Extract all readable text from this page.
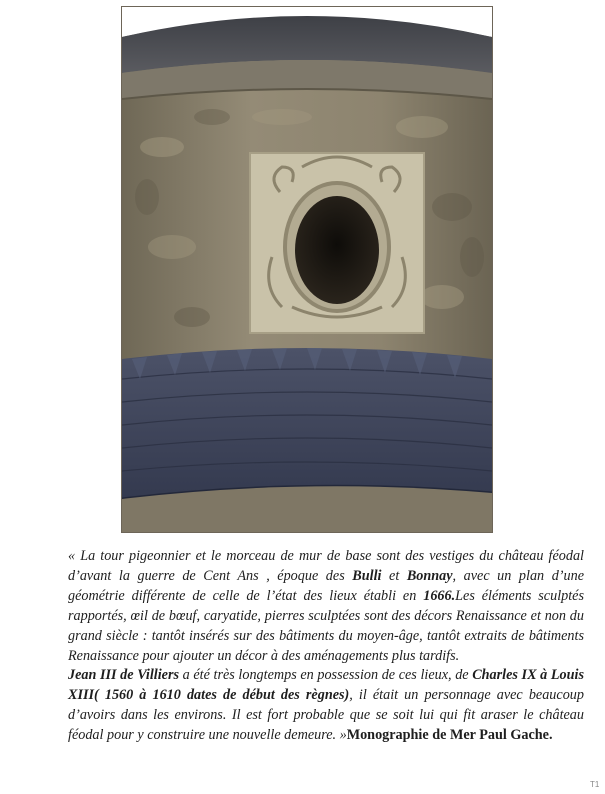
« La tour pigeonnier et le morceau de mur de base sont des vestiges du château féodal d’avant la guerre de Cent Ans , époque des Bulli et Bonnay, avec un plan d’une géométrie différente de celle de l’état des lieux établi en 1666.Les éléments sculptés rapportés, œil de bœuf, caryatide, pierres sculptées sont des décors Renaissance et non du grand siècle : tantôt insérés sur des bâtiments du moyen-âge, tantôt extraits de bâtiments Renaissance pour ajouter un décor à des aménagements plus tardifs.
Jean III de Villiers a été très longtemps en possession de ces lieux, de Charles IX à Louis XIII( 1560 à 1610 dates de début des règnes), il était un personnage avec beaucoup d’avoirs dans les environs. Il est fort probable que se soit lui qui fit araser le château féodal pour y construire une nouvelle demeure. »Monographie de Mer Paul Gache.
T1
